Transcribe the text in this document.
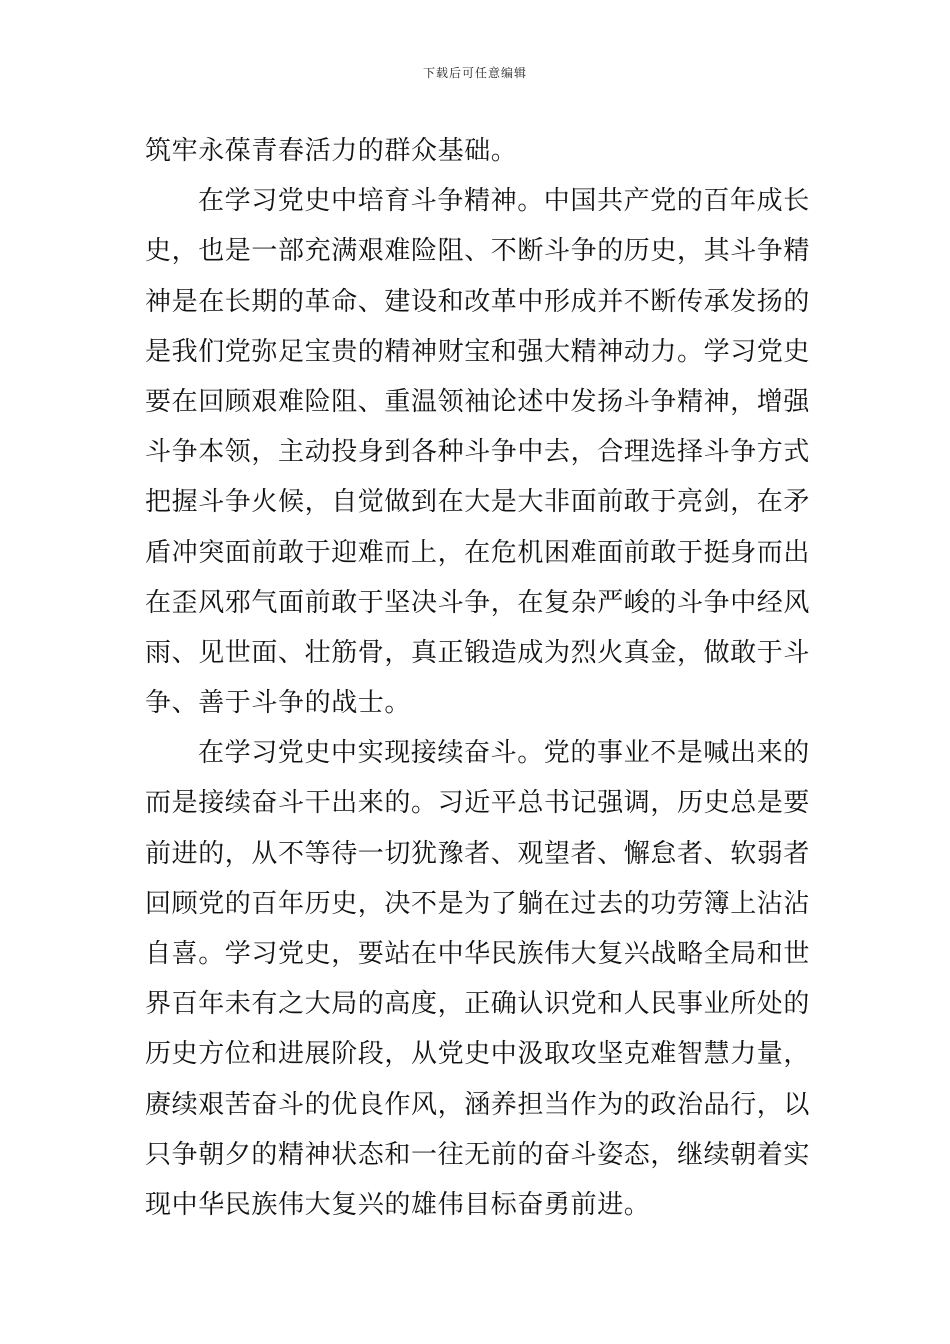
下载后可任意编辑
筑牢永葆青春活力的群众基础。
在学习党史中培育斗争精神。中国共产党的百年成长
史，也是一部充满艰难险阻、不断斗争的历史，其斗争精
神是在长期的革命、建设和改革中形成并不断传承发扬的
是我们党弥足宝贵的精神财宝和强大精神动力。学习党史
要在回顾艰难险阻、重温领袖论述中发扬斗争精神，增强
斗争本领，主动投身到各种斗争中去，合理选择斗争方式
把握斗争火候，自觉做到在大是大非面前敢于亮剑，在矛
盾冲突面前敢于迎难而上，在危机困难面前敢于挺身而出
在歪风邪气面前敢于坚决斗争，在复杂严峻的斗争中经风
雨、见世面、壮筋骨，真正锻造成为烈火真金，做敢于斗
争、善于斗争的战士。
在学习党史中实现接续奋斗。党的事业不是喊出来的
而是接续奋斗干出来的。习近平总书记强调，历史总是要
前进的，从不等待一切犹豫者、观望者、懈怠者、软弱者
回顾党的百年历史，决不是为了躺在过去的功劳簿上沾沾
自喜。学习党史，要站在中华民族伟大复兴战略全局和世
界百年未有之大局的高度，正确认识党和人民事业所处的
历史方位和进展阶段，从党史中汲取攻坚克难智慧力量，
赓续艰苦奋斗的优良作风，涵养担当作为的政治品行，以
只争朝夕的精神状态和一往无前的奋斗姿态，继续朝着实
现中华民族伟大复兴的雄伟目标奋勇前进。
